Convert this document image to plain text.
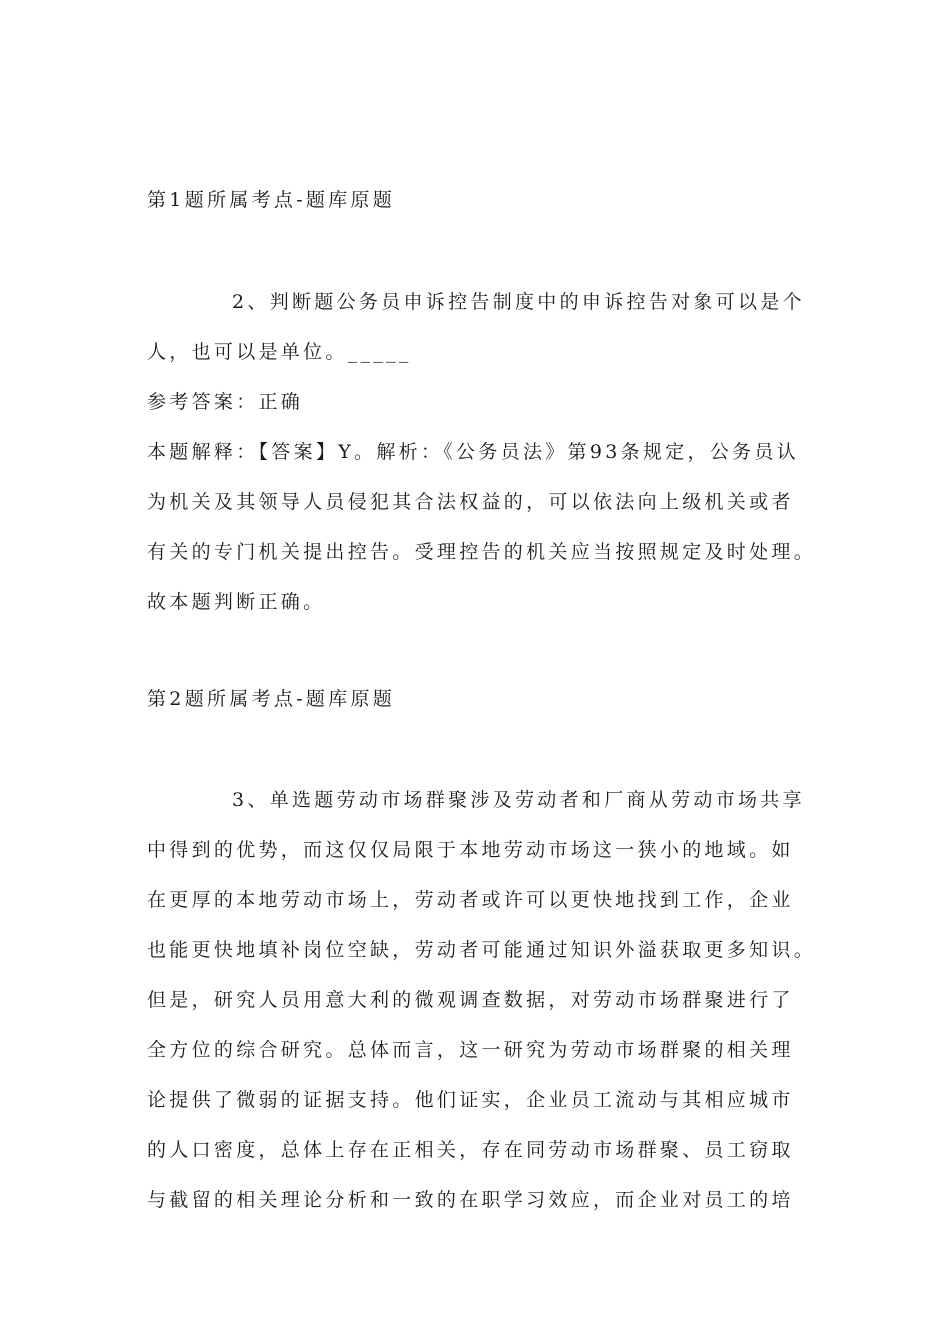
第1题所属考点-题库原题
2、判断题公务员申诉控告制度中的申诉控告对象可以是个
人，也可以是单位。_____
参考答案：正确
本题解释：【答案】Y。解析：《公务员法》第93条规定，公务员认
为机关及其领导人员侵犯其合法权益的，可以依法向上级机关或者
有关的专门机关提出控告。受理控告的机关应当按照规定及时处理。
故本题判断正确。
第2题所属考点-题库原题
3、单选题劳动市场群聚涉及劳动者和厂商从劳动市场共享
中得到的优势，而这仅仅局限于本地劳动市场这一狭小的地域。如
在更厚的本地劳动市场上，劳动者或许可以更快地找到工作，企业
也能更快地填补岗位空缺，劳动者可能通过知识外溢获取更多知识。
但是，研究人员用意大利的微观调查数据，对劳动市场群聚进行了
全方位的综合研究。总体而言，这一研究为劳动市场群聚的相关理
论提供了微弱的证据支持。他们证实，企业员工流动与其相应城市
的人口密度，总体上存在正相关，存在同劳动市场群聚、员工窃取
与截留的相关理论分析和一致的在职学习效应，而企业对员工的培
